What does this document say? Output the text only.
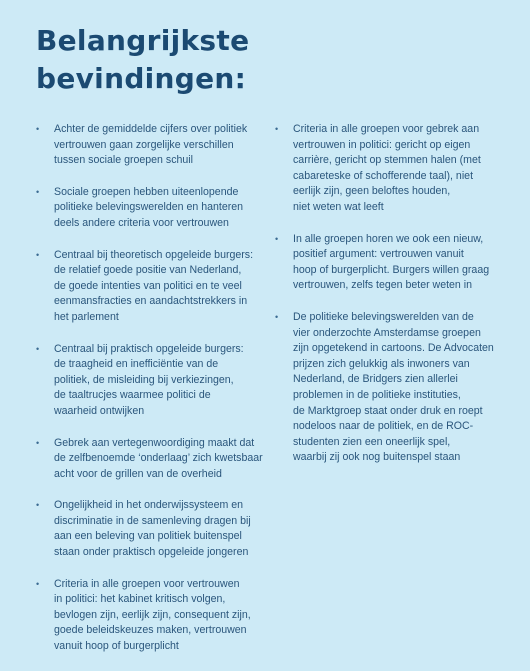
Belangrijkste
bevindingen:
• Achter de gemiddelde cijfers over politiek
vertrouwen gaan zorgelijke verschillen
tussen sociale groepen schuil
• Sociale groepen hebben uiteenlopende
politieke belevingswerelden en hanteren
deels andere criteria voor vertrouwen
• Centraal bij theoretisch opgeleide burgers:
de relatief goede positie van Nederland,
de goede intenties van politici en te veel
eenmansfracties en aandachtstrekkers in
het parlement
• Centraal bij praktisch opgeleide burgers:
de traagheid en inefficiëntie van de
politiek, de misleiding bij verkiezingen,
de taaltrucjes waarmee politici de
waarheid ontwijken
• Gebrek aan vertegenwoordiging maakt dat
de zelfbenoemde ‘onderlaag’ zich kwetsbaar
acht voor de grillen van de overheid
• Ongelijkheid in het onderwijssysteem en
discriminatie in de samenleving dragen bij
aan een beleving van politiek buitenspel
staan onder praktisch opgeleide jongeren
• Criteria in alle groepen voor vertrouwen
in politici: het kabinet kritisch volgen,
bevlogen zijn, eerlijk zijn, consequent zijn,
goede beleidskeuzes maken, vertrouwen
vanuit hoop of burgerplicht
• Criteria in alle groepen voor gebrek aan
vertrouwen in politici: gericht op eigen
carrière, gericht op stemmen halen (met
cabareteske of schofferende taal), niet
eerlijk zijn, geen beloftes houden,
niet weten wat leeft
• In alle groepen horen we ook een nieuw,
positief argument: vertrouwen vanuit
hoop of burgerplicht. Burgers willen graag
vertrouwen, zelfs tegen beter weten in
• De politieke belevingswerelden van de
vier onderzochte Amsterdamse groepen
zijn opgetekend in cartoons. De Advocaten
prijzen zich gelukkig als inwoners van
Nederland, de Bridgers zien allerlei
problemen in de politieke instituties,
de Marktgroep staat onder druk en roept
nodeloos naar de politiek, en de ROC-
studenten zien een oneerlijk spel,
waarbij zij ook nog buitenspel staan
